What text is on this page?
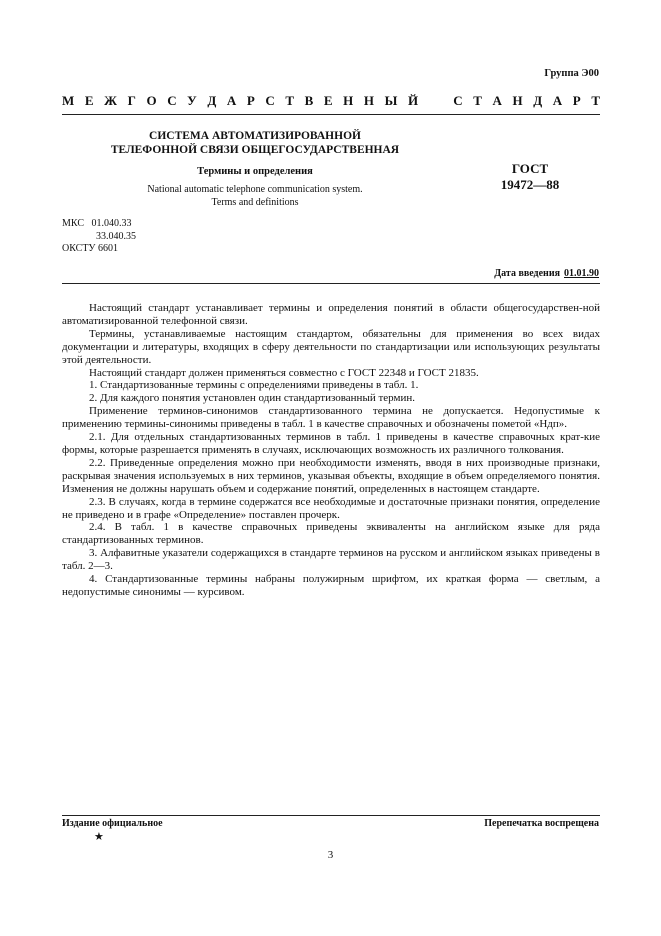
Группа Э00
М Е Ж Г О С У Д А Р С Т В Е Н Н Ы Й	С Т А Н Д А Р Т
СИСТЕМА АВТОМАТИЗИРОВАННОЙ
ТЕЛЕФОННОЙ СВЯЗИ ОБЩЕГОСУДАРСТВЕННАЯ
Термины и определения
National automatic telephone communication system.
Terms and definitions
ГОСТ
19472—88
МКС 01.040.33
33.040.35
ОКСТУ 6601
Дата введения 01.01.90

Настоящий стандарт устанавливает термины и определения понятий в области общегосударствен-ной автоматизированной телефонной связи.

Термины, устанавливаемые настоящим стандартом, обязательны для применения во всех видах документации и литературы, входящих в сферу деятельности по стандартизации или использующих результаты этой деятельности.

Настоящий стандарт должен применяться совместно с ГОСТ 22348 и ГОСТ 21835.

1. Стандартизованные термины с определениями приведены в табл. 1.

2. Для каждого понятия установлен один стандартизованный термин.

Применение терминов-синонимов стандартизованного термина не допускается. Недопустимые к применению термины-синонимы приведены в табл. 1 в качестве справочных и обозначены пометой «Ндп».

2.1. Для отдельных стандартизованных терминов в табл. 1 приведены в качестве справочных крат-кие формы, которые разрешается применять в случаях, исключающих возможность их различного толкования.

2.2. Приведенные определения можно при необходимости изменять, вводя в них производные признаки, раскрывая значения используемых в них терминов, указывая объекты, входящие в объем определяемого понятия. Изменения не должны нарушать объем и содержание понятий, определенных в настоящем стандарте.

2.3. В случаях, когда в термине содержатся все необходимые и достаточные признаки понятия, определение не приведено и в графе «Определение» поставлен прочерк.

2.4. В табл. 1 в качестве справочных приведены эквиваленты на английском языке для ряда стандартизованных терминов.

3. Алфавитные указатели содержащихся в стандарте терминов на русском и английском языках приведены в табл. 2—3.

4. Стандартизованные термины набраны полужирным шрифтом, их краткая форма — светлым, а недопустимые синонимы — курсивом.

Издание официальное	Перепечатка воспрещена
★
3
